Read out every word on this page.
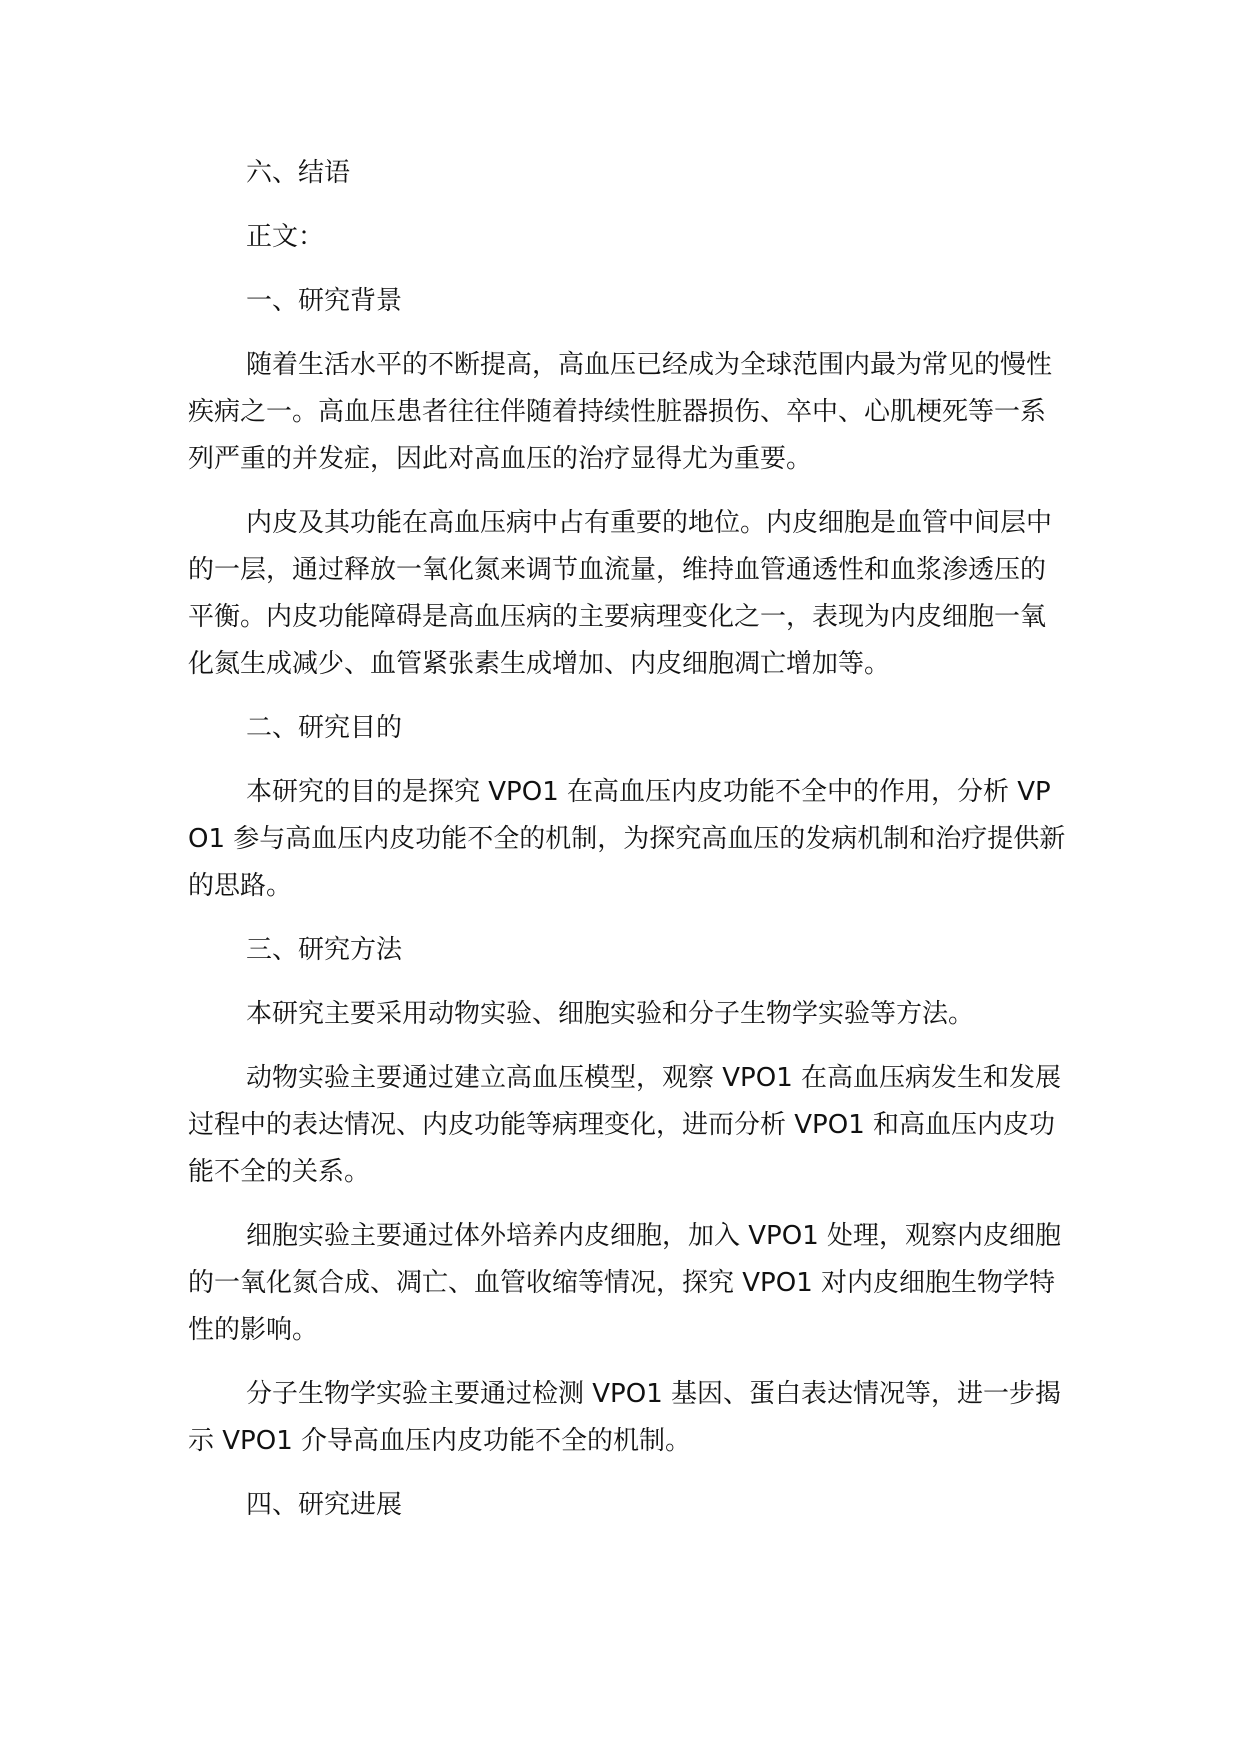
六、结语

正文：

一、研究背景

随着生活水平的不断提高，高血压已经成为全球范围内最为常见的慢性疾病之一。高血压患者往往伴随着持续性脏器损伤、卒中、心肌梗死等一系列严重的并发症，因此对高血压的治疗显得尤为重要。

内皮及其功能在高血压病中占有重要的地位。内皮细胞是血管中间层中的一层，通过释放一氧化氮来调节血流量，维持血管通透性和血浆渗透压的平衡。内皮功能障碍是高血压病的主要病理变化之一，表现为内皮细胞一氧化氮生成减少、血管紧张素生成增加、内皮细胞凋亡增加等。

二、研究目的

本研究的目的是探究 VPO1 在高血压内皮功能不全中的作用，分析 VPO1 参与高血压内皮功能不全的机制，为探究高血压的发病机制和治疗提供新的思路。

三、研究方法

本研究主要采用动物实验、细胞实验和分子生物学实验等方法。

动物实验主要通过建立高血压模型，观察 VPO1 在高血压病发生和发展过程中的表达情况、内皮功能等病理变化，进而分析 VPO1 和高血压内皮功能不全的关系。

细胞实验主要通过体外培养内皮细胞，加入 VPO1 处理，观察内皮细胞的一氧化氮合成、凋亡、血管收缩等情况，探究 VPO1 对内皮细胞生物学特性的影响。

分子生物学实验主要通过检测 VPO1 基因、蛋白表达情况等，进一步揭示 VPO1 介导高血压内皮功能不全的机制。

四、研究进展
